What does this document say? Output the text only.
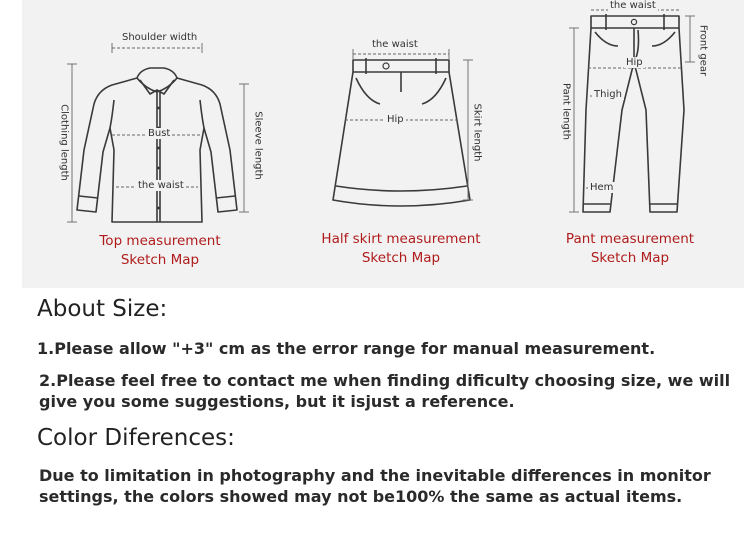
Shoulder width
Bust
the waist
Clothing length	Sleeve length
the waist
Hip	Skirt length
the waist
Hip
Thigh
Hem
Pant length
Front gear
Top measurement
Sketch Map
Half skirt measurement
Sketch Map
Pant measurement
Sketch Map
About Size:

1.Please allow "+3" cm as the error range for manual measurement.

2.Please feel free to contact me when finding dificulty choosing size, we will
give you some suggestions, but it isjust a reference.
Color Diferences:
Due to limitation in photography and the inevitable differences in monitor
settings, the colors showed may not be100% the same as actual items.
